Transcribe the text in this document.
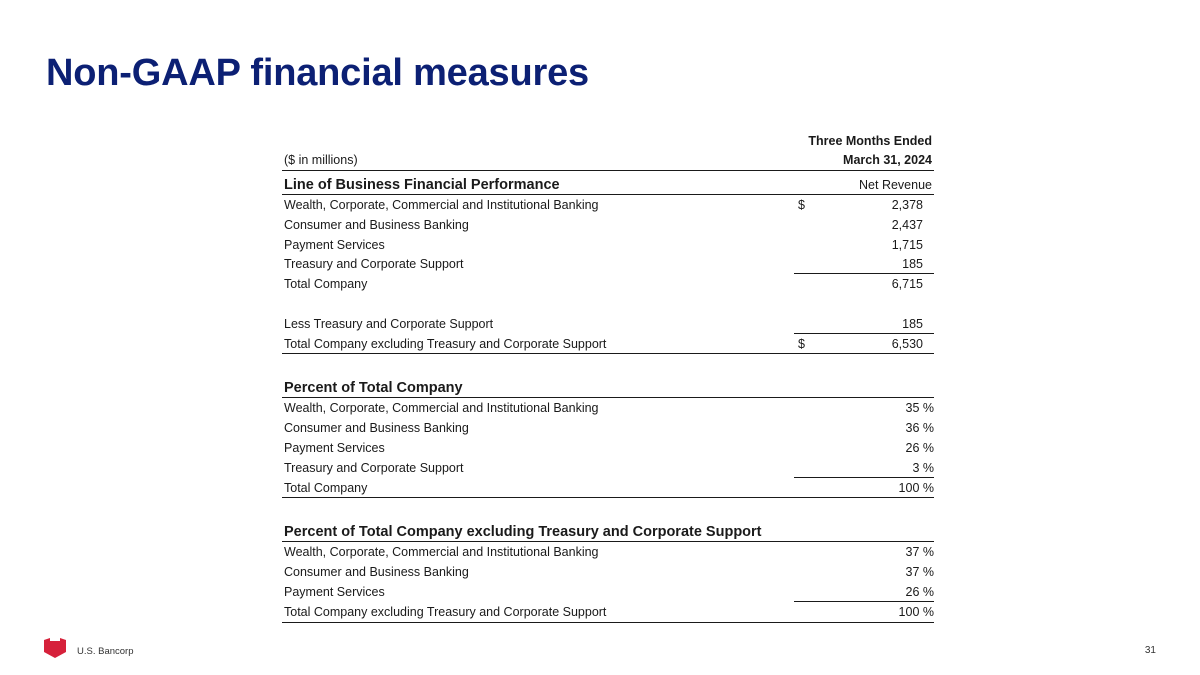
Non-GAAP financial measures
($ in millions)
Three Months Ended
March 31, 2024
Line of Business Financial Performance	Net Revenue
Wealth, Corporate, Commercial and Institutional Banking	$	2,378
Consumer and Business Banking	2,437
Payment Services	1,715
Treasury and Corporate Support	185
Total Company	6,715
Less Treasury and Corporate Support	185
Total Company excluding Treasury and Corporate Support	$	6,530
Percent of Total Company
Wealth, Corporate, Commercial and Institutional Banking	35 %
Consumer and Business Banking	36 %
Payment Services	26 %
Treasury and Corporate Support	3 %
Total Company	100 %
Percent of Total Company excluding Treasury and Corporate Support
Wealth, Corporate, Commercial and Institutional Banking	37 %
Consumer and Business Banking	37 %
Payment Services	26 %
Total Company excluding Treasury and Corporate Support	100 %
U.S. Bancorp	31
